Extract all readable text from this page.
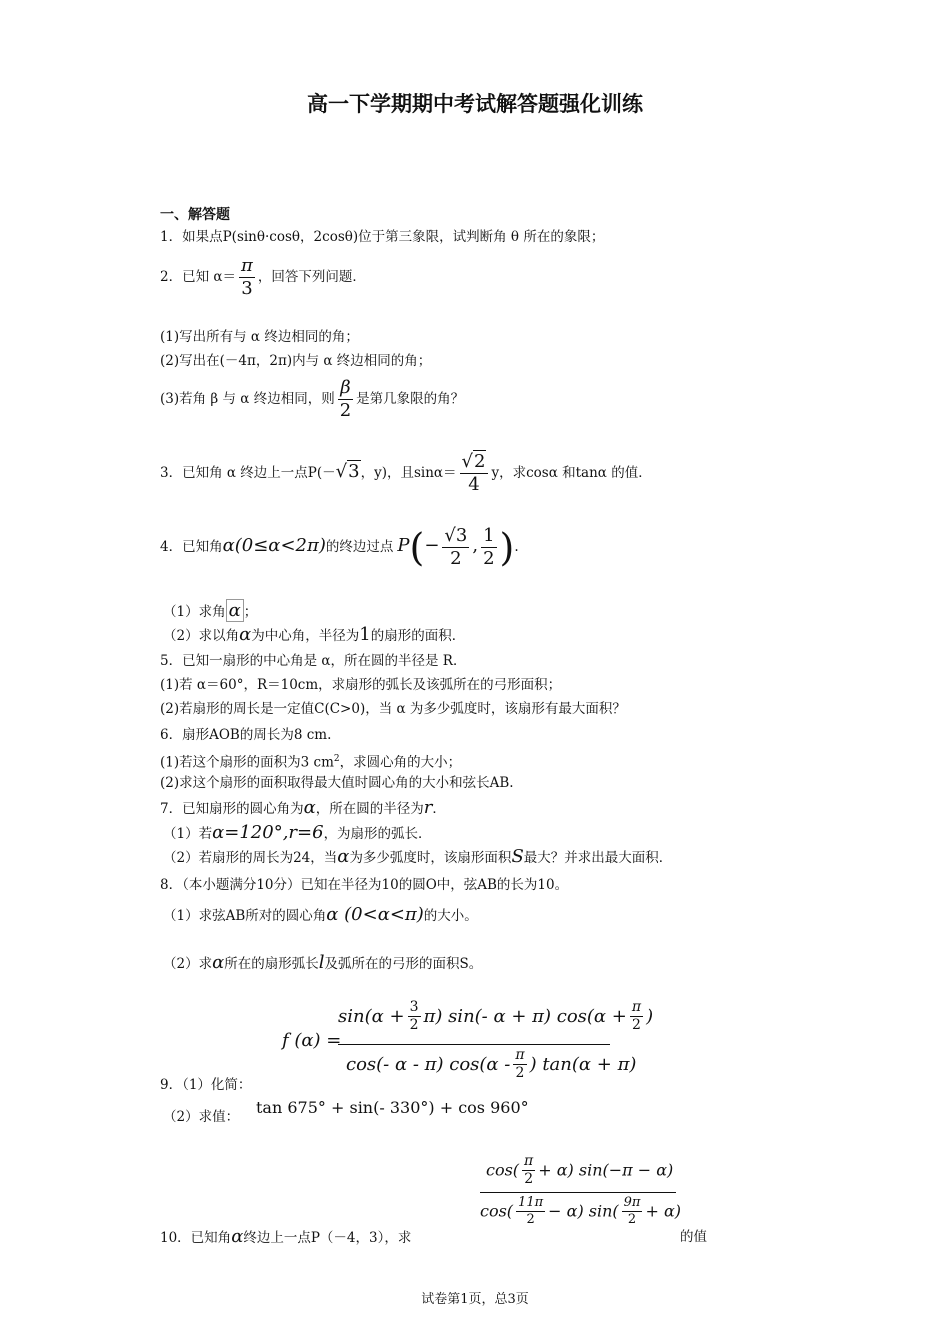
高一下学期期中考试解答题强化训练
一、解答题
1．如果点P(sinθ·cosθ，2cosθ)位于第三象限，试判断角 θ 所在的象限；
2．已知 $\alpha= \frac{\pi}{3}$ ，回答下列问题．
(1)写出所有与 α 终边相同的角；
(2)写出在(－4π，2π)内与 α 终边相同的角；
(3)若角 β 与 α 终边相同，则 $\frac{\beta}{2}$ 是第几象限的角？
3．已知角 α 终边上一点P(－√3，y)，且$\sin\alpha= \frac{√2}{4}$ y，求cosα 和tanα 的值．
4．已知角α(0≤α<2π)的终边过点 $P(- \frac{√3}{2}$ , $\frac{1}{2}$ ).
（1）求角 α ；
（2）求以角α为中心角，半径为1的扇形的面积．
5．已知一扇形的中心角是 α，所在圆的半径是 R．
(1)若 α＝60°，R＝10cm，求扇形的弧长及该弧所在的弓形面积；
(2)若扇形的周长是一定值C(C>0)，当 α 为多少弧度时，该扇形有最大面积？
6．扇形AOB的周长为8 cm.
(1)若这个扇形的面积为3 $cm^2$，求圆心角的大小；
(2)求这个扇形的面积取得最大值时圆心角的大小和弦长AB.
7．已知扇形的圆心角为α，所在圆的半径为r．
（1）若α=120°,r=6，为扇形的弧长．
（2）若扇形的周长为24，当α为多少弧度时，该扇形面积S最大？并求出最大面积．
8．（本小题满分10分）已知在半径为10的圆O中，弦AB的长为10。
（1）求弦AB所对的圆心角α (0<α<π)的大小。
（2）求α所在的扇形弧长l及弧所在的弓形的面积S。
f (α) =
$\sin(\alpha + \frac{3}{2} \pi)$ sin(- α + π) $\cos(\alpha + \frac{\pi}{2}$ )
cos(- α - π) $\cos(\alpha - \frac{\pi}{2}$ ) tan(α + π)
9．（1）化简：
（2）求值： tan 675° + sin(- 330°) + cos 960°
$\cos( \frac{\pi}{2} + \alpha)$ sin(−π − α)
$\cos( \frac{11\pi}{2} - \alpha)$ $\sin( \frac{9\pi}{2} + \alpha)$
10．已知角α终边上一点P（－4，3），求	的值
试卷第1页，总3页
